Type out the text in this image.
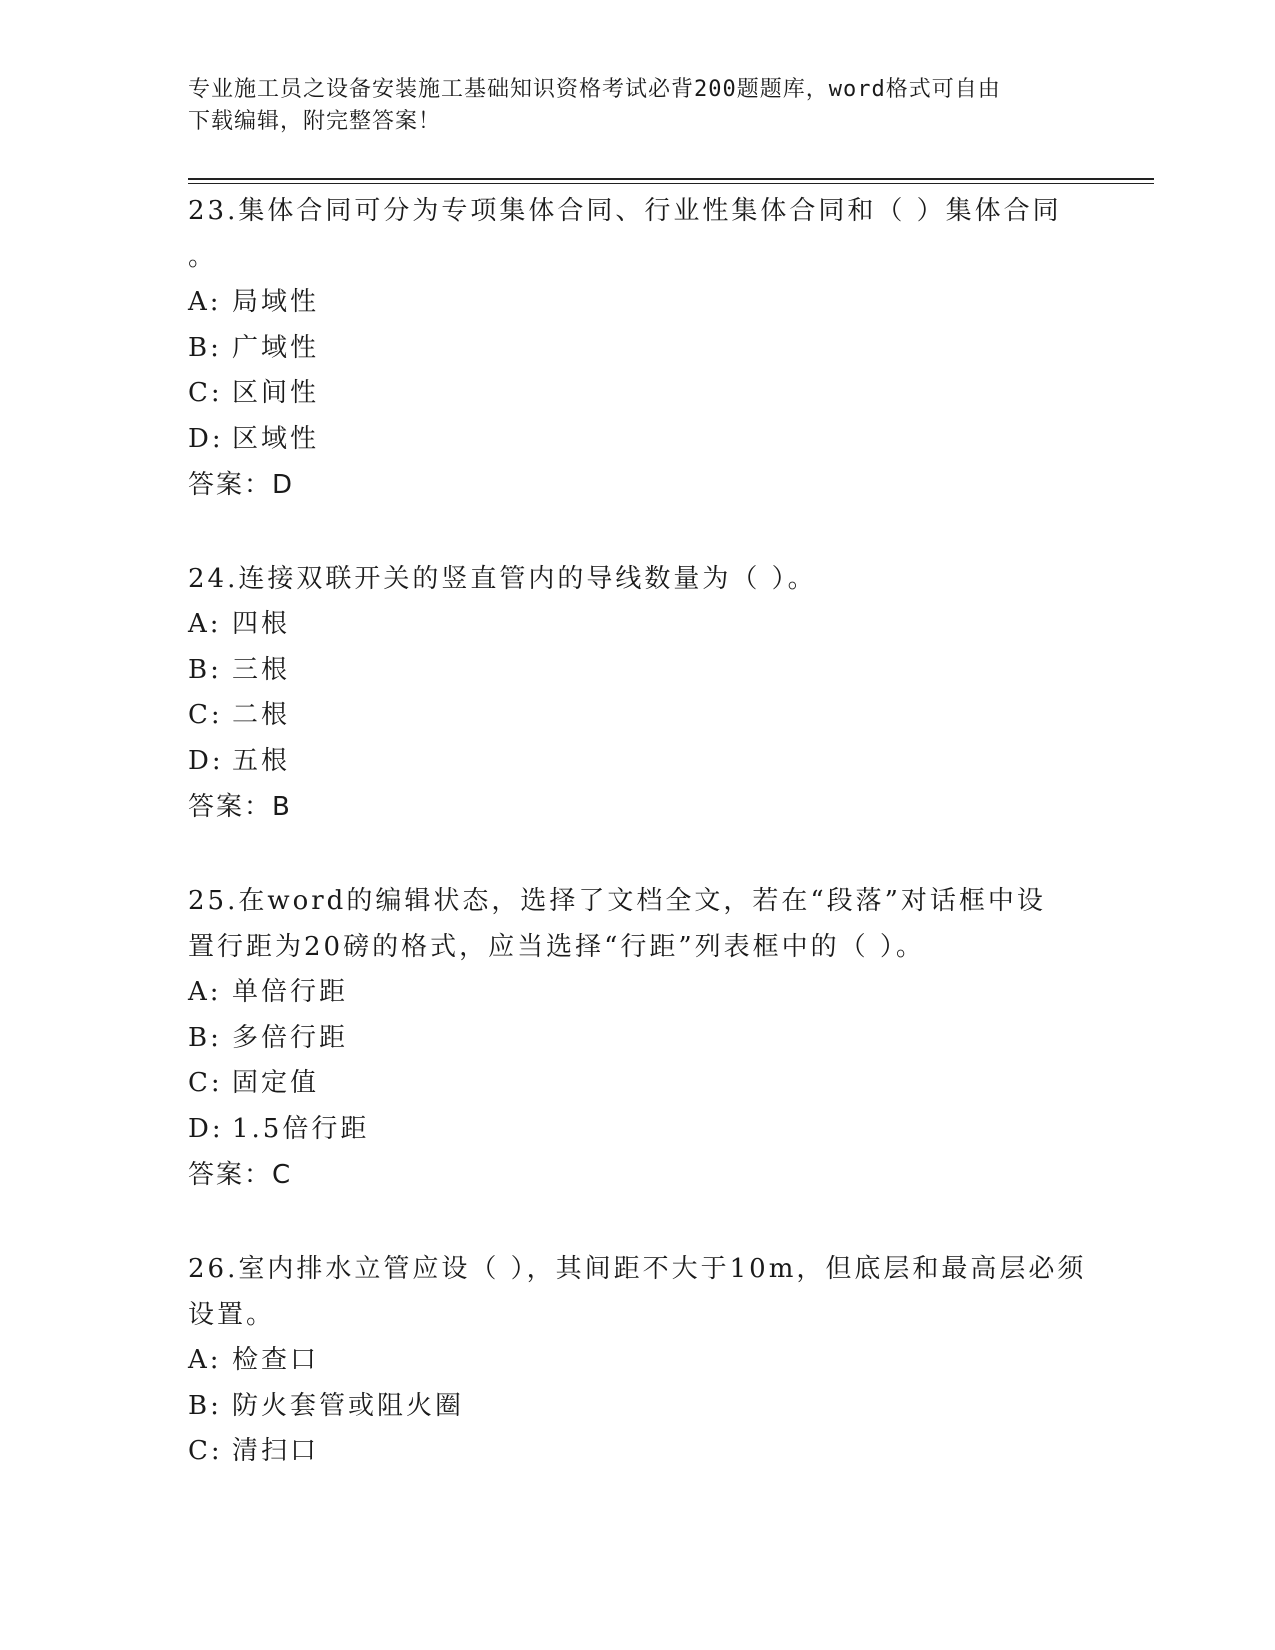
专业施工员之设备安装施工基础知识资格考试必背200题题库，word格式可自由
下载编辑，附完整答案！
23.集体合同可分为专项集体合同、行业性集体合同和（ ）集体合同
。
A: 局域性
B: 广域性
C: 区间性
D: 区域性
答案：D
24.连接双联开关的竖直管内的导线数量为（ ）。
A: 四根
B: 三根
C: 二根
D: 五根
答案：B
25.在word的编辑状态，选择了文档全文，若在“段落”对话框中设
置行距为20磅的格式，应当选择“行距”列表框中的（ ）。
A: 单倍行距
B: 多倍行距
C: 固定值
D: 1.5倍行距
答案：C
26.室内排水立管应设（ ），其间距不大于10m，但底层和最高层必须
设置。
A: 检查口
B: 防火套管或阻火圈
C: 清扫口
